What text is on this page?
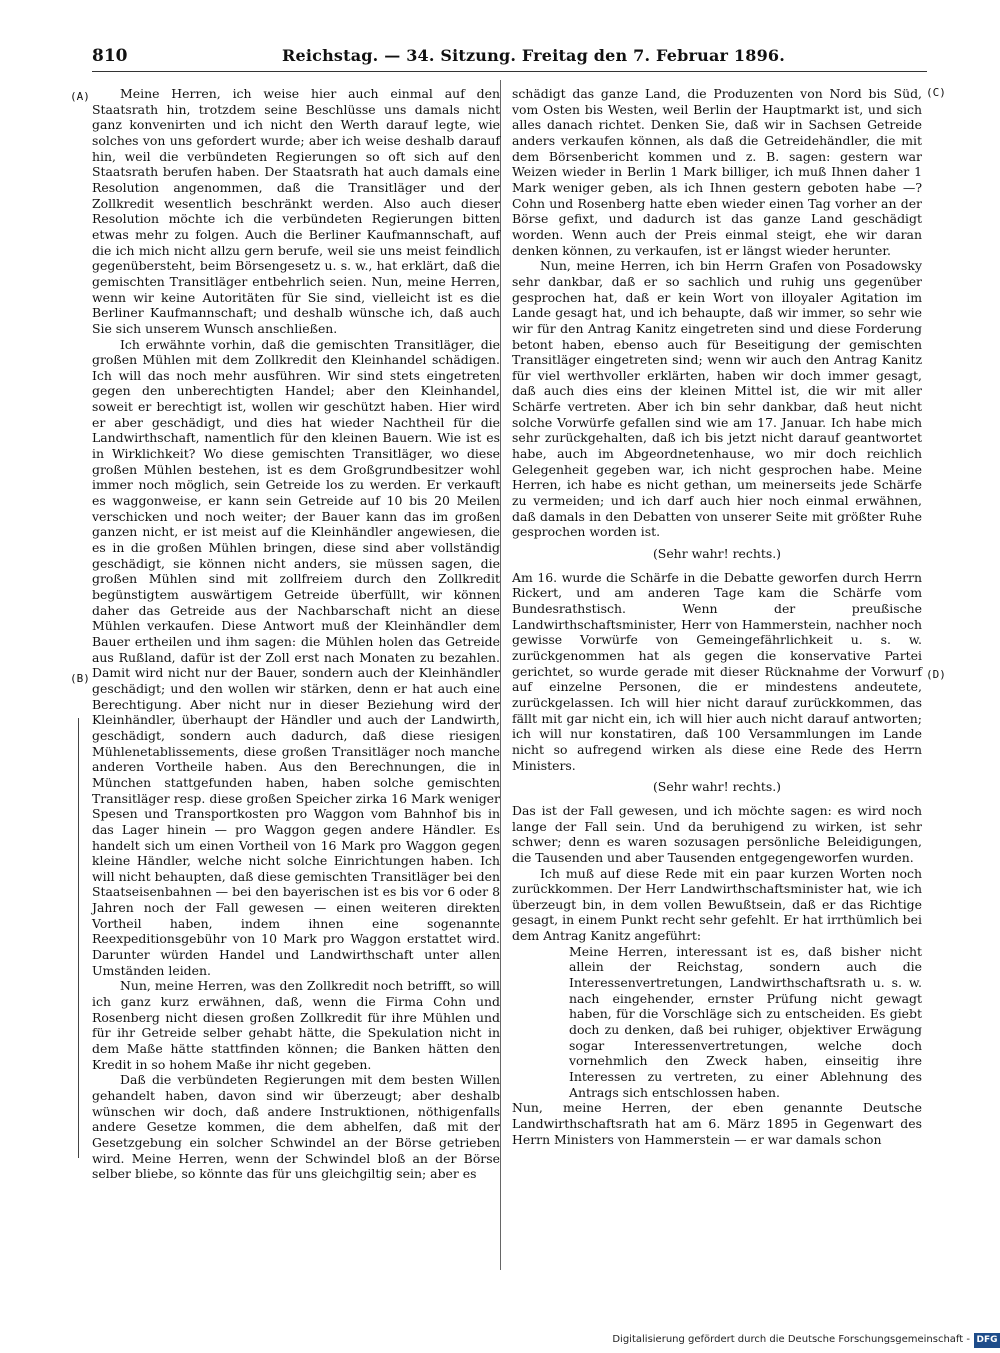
810	Reichstag. — 34. Sitzung. Freitag den 7. Februar 1896.
(A)
(B)
(C)
(D)

Meine Herren, ich weise hier auch einmal auf den Staatsrath hin, trotzdem seine Beschlüsse uns damals nicht ganz konvenirten und ich nicht den Werth darauf legte, wie solches von uns gefordert wurde; aber ich weise deshalb darauf hin, weil die verbündeten Regierungen so oft sich auf den Staatsrath berufen haben. Der Staatsrath hat auch damals eine Resolution angenommen, daß die Transitläger und der Zollkredit wesentlich beschränkt werden. Also auch dieser Resolution möchte ich die verbündeten Regierungen bitten etwas mehr zu folgen. Auch die Berliner Kaufmannschaft, auf die ich mich nicht allzu gern berufe, weil sie uns meist feindlich gegenübersteht, beim Börsengesetz u. s. w., hat erklärt, daß die gemischten Transitläger entbehrlich seien. Nun, meine Herren, wenn wir keine Autoritäten für Sie sind, vielleicht ist es die Berliner Kaufmannschaft; und deshalb wünsche ich, daß auch Sie sich unserem Wunsch anschließen.

Ich erwähnte vorhin, daß die gemischten Transitläger, die großen Mühlen mit dem Zollkredit den Kleinhandel schädigen. Ich will das noch mehr ausführen. Wir sind stets eingetreten gegen den unberechtigten Handel; aber den Kleinhandel, soweit er berechtigt ist, wollen wir geschützt haben. Hier wird er aber geschädigt, und dies hat wieder Nachtheil für die Landwirthschaft, namentlich für den kleinen Bauern. Wie ist es in Wirklichkeit? Wo diese gemischten Transitläger, wo diese großen Mühlen bestehen, ist es dem Großgrundbesitzer wohl immer noch möglich, sein Getreide los zu werden. Er verkauft es waggonweise, er kann sein Getreide auf 10 bis 20 Meilen verschicken und noch weiter; der Bauer kann das im großen ganzen nicht, er ist meist auf die Kleinhändler angewiesen, die es in die großen Mühlen bringen, diese sind aber vollständig geschädigt, sie können nicht anders, sie müssen sagen, die großen Mühlen sind mit zollfreiem durch den Zollkredit begünstigtem auswärtigem Getreide überfüllt, wir können daher das Getreide aus der Nachbarschaft nicht an diese Mühlen verkaufen. Diese Antwort muß der Kleinhändler dem Bauer ertheilen und ihm sagen: die Mühlen holen das Getreide aus Rußland, dafür ist der Zoll erst nach Monaten zu bezahlen. Damit wird nicht nur der Bauer, sondern auch der Kleinhändler geschädigt; und den wollen wir stärken, denn er hat auch eine Berechtigung. Aber nicht nur in dieser Beziehung wird der Kleinhändler, überhaupt der Händler und auch der Landwirth, geschädigt, sondern auch dadurch, daß diese riesigen Mühlenetablissements, diese großen Transitläger noch manche anderen Vortheile haben. Aus den Berechnungen, die in München stattgefunden haben, haben solche gemischten Transitläger resp. diese großen Speicher zirka 16 Mark weniger Spesen und Transportkosten pro Waggon vom Bahnhof bis in das Lager hinein — pro Waggon gegen andere Händler. Es handelt sich um einen Vortheil von 16 Mark pro Waggon gegen kleine Händler, welche nicht solche Einrichtungen haben. Ich will nicht behaupten, daß diese gemischten Transitläger bei den Staatseisenbahnen — bei den bayerischen ist es bis vor 6 oder 8 Jahren noch der Fall gewesen — einen weiteren direkten Vortheil haben, indem ihnen eine sogenannte Reexpeditionsgebühr von 10 Mark pro Waggon erstattet wird. Darunter würden Handel und Landwirthschaft unter allen Umständen leiden.

Nun, meine Herren, was den Zollkredit noch betrifft, so will ich ganz kurz erwähnen, daß, wenn die Firma Cohn und Rosenberg nicht diesen großen Zollkredit für ihre Mühlen und für ihr Getreide selber gehabt hätte, die Spekulation nicht in dem Maße hätte stattfinden können; die Banken hätten den Kredit in so hohem Maße ihr nicht gegeben.

Daß die verbündeten Regierungen mit dem besten Willen gehandelt haben, davon sind wir überzeugt; aber deshalb wünschen wir doch, daß andere Instruktionen, nöthigenfalls andere Gesetze kommen, die dem abhelfen, daß mit der Gesetzgebung ein solcher Schwindel an der Börse getrieben wird. Meine Herren, wenn der Schwindel bloß an der Börse selber bliebe, so könnte das für uns gleichgiltig sein; aber es

schädigt das ganze Land, die Produzenten von Nord bis Süd, vom Osten bis Westen, weil Berlin der Hauptmarkt ist, und sich alles danach richtet. Denken Sie, daß wir in Sachsen Getreide anders verkaufen können, als daß die Getreidehändler, die mit dem Börsenbericht kommen und z. B. sagen: gestern war Weizen wieder in Berlin 1 Mark billiger, ich muß Ihnen daher 1 Mark weniger geben, als ich Ihnen gestern geboten habe —? Cohn und Rosenberg hatte eben wieder einen Tag vorher an der Börse gefixt, und dadurch ist das ganze Land geschädigt worden. Wenn auch der Preis einmal steigt, ehe wir daran denken können, zu verkaufen, ist er längst wieder herunter.

Nun, meine Herren, ich bin Herrn Grafen von Posadowsky sehr dankbar, daß er so sachlich und ruhig uns gegenüber gesprochen hat, daß er kein Wort von illoyaler Agitation im Lande gesagt hat, und ich behaupte, daß wir immer, so sehr wie wir für den Antrag Kanitz eingetreten sind und diese Forderung betont haben, ebenso auch für Beseitigung der gemischten Transitläger eingetreten sind; wenn wir auch den Antrag Kanitz für viel werthvoller erklärten, haben wir doch immer gesagt, daß auch dies eins der kleinen Mittel ist, die wir mit aller Schärfe vertreten. Aber ich bin sehr dankbar, daß heut nicht solche Vorwürfe gefallen sind wie am 17. Januar. Ich habe mich sehr zurückgehalten, daß ich bis jetzt nicht darauf geantwortet habe, auch im Abgeordnetenhause, wo mir doch reichlich Gelegenheit gegeben war, ich nicht gesprochen habe. Meine Herren, ich habe es nicht gethan, um meinerseits jede Schärfe zu vermeiden; und ich darf auch hier noch einmal erwähnen, daß damals in den Debatten von unserer Seite mit größter Ruhe gesprochen worden ist.

(Sehr wahr! rechts.)

Am 16. wurde die Schärfe in die Debatte geworfen durch Herrn Rickert, und am anderen Tage kam die Schärfe vom Bundesrathstisch. Wenn der preußische Landwirthschaftsminister, Herr von Hammerstein, nachher noch gewisse Vorwürfe von Gemeingefährlichkeit u. s. w. zurückgenommen hat als gegen die konservative Partei gerichtet, so wurde gerade mit dieser Rücknahme der Vorwurf auf einzelne Personen, die er mindestens andeutete, zurückgelassen. Ich will hier nicht darauf zurückkommen, das fällt mit gar nicht ein, ich will hier auch nicht darauf antworten; ich will nur konstatiren, daß 100 Versammlungen im Lande nicht so aufregend wirken als diese eine Rede des Herrn Ministers.

(Sehr wahr! rechts.)

Das ist der Fall gewesen, und ich möchte sagen: es wird noch lange der Fall sein. Und da beruhigend zu wirken, ist sehr schwer; denn es waren sozusagen persönliche Beleidigungen, die Tausenden und aber Tausenden entgegengeworfen wurden.

Ich muß auf diese Rede mit ein paar kurzen Worten noch zurückkommen. Der Herr Landwirthschaftsminister hat, wie ich überzeugt bin, in dem vollen Bewußtsein, daß er das Richtige gesagt, in einem Punkt recht sehr gefehlt. Er hat irrthümlich bei dem Antrag Kanitz angeführt:

Meine Herren, interessant ist es, daß bisher nicht allein der Reichstag, sondern auch die Interessenvertretungen, Landwirthschaftsrath u. s. w. nach eingehender, ernster Prüfung nicht gewagt haben, für die Vorschläge sich zu entscheiden. Es giebt doch zu denken, daß bei ruhiger, objektiver Erwägung sogar Interessenvertretungen, welche doch vornehmlich den Zweck haben, einseitig ihre Interessen zu vertreten, zu einer Ablehnung des Antrags sich entschlossen haben.

Nun, meine Herren, der eben genannte Deutsche Landwirthschaftsrath hat am 6. März 1895 in Gegenwart des Herrn Ministers von Hammerstein — er war damals schon

Digitalisierung gefördert durch die Deutsche Forschungsgemeinschaft - DFG
